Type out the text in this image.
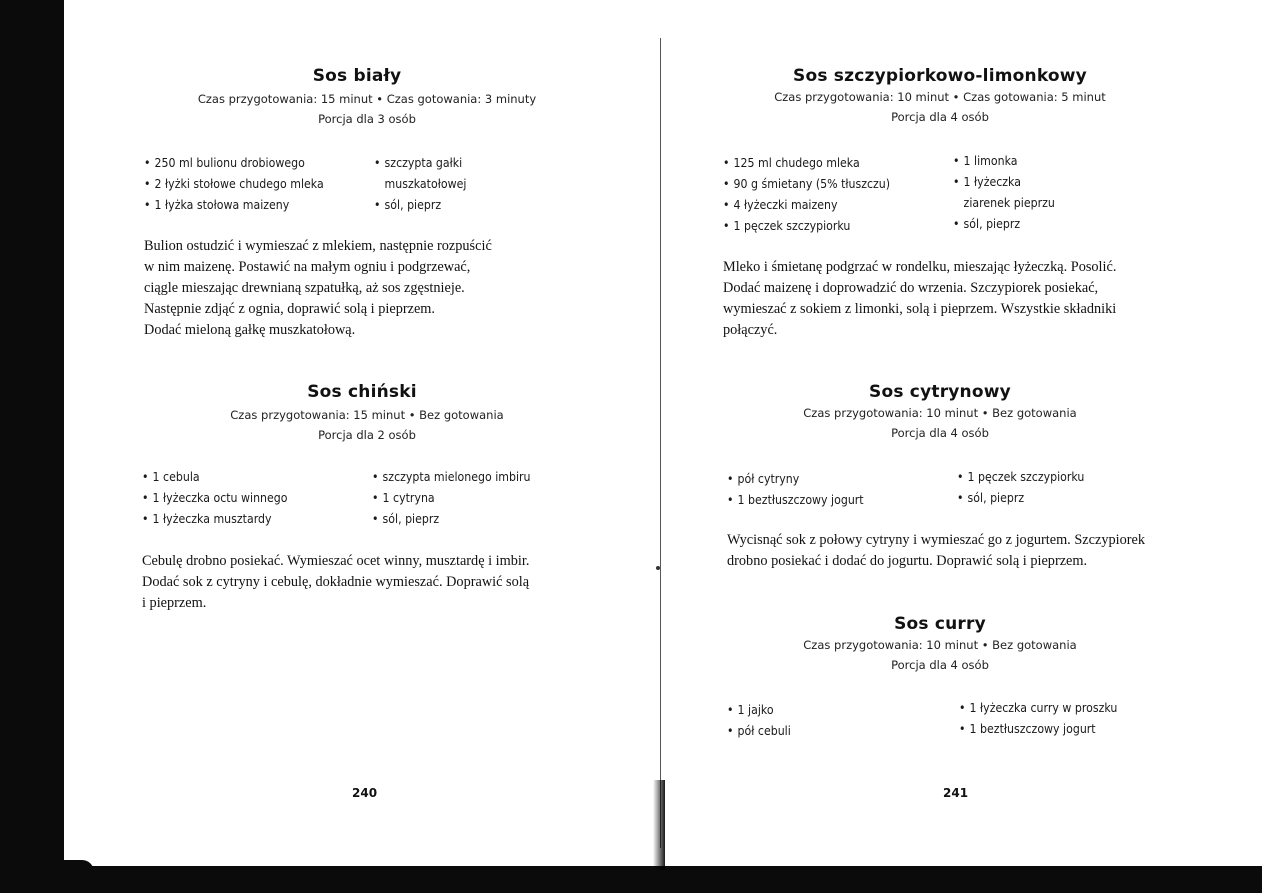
Sos biały
Czas przygotowania: 15 minut • Czas gotowania: 3 minuty
Porcja dla 3 osób
• 250 ml bulionu drobiowego
• 2 łyżki stołowe chudego mleka
• 1 łyżka stołowa maizeny
• szczypta gałki
muszkatołowej
• sól, pieprz

Bulion ostudzić i wymieszać z mlekiem, następnie rozpuścić

w nim maizenę. Postawić na małym ogniu i podgrzewać,

ciągle mieszając drewnianą szpatułką, aż sos zgęstnieje.

Następnie zdjąć z ognia, doprawić solą i pieprzem.

Dodać mieloną gałkę muszkatołową.

Sos chiński
Czas przygotowania: 15 minut • Bez gotowania
Porcja dla 2 osób
• 1 cebula
• 1 łyżeczka octu winnego
• 1 łyżeczka musztardy
• szczypta mielonego imbiru
• 1 cytryna
• sól, pieprz

Cebulę drobno posiekać. Wymieszać ocet winny, musztardę i imbir.

Dodać sok z cytryny i cebulę, dokładnie wymieszać. Doprawić solą

i pieprzem.

240
Sos szczypiorkowo-limonkowy
Czas przygotowania: 10 minut • Czas gotowania: 5 minut
Porcja dla 4 osób
• 125 ml chudego mleka
• 90 g śmietany (5% tłuszczu)
• 4 łyżeczki maizeny
• 1 pęczek szczypiorku
• 1 limonka
• 1 łyżeczka
ziarenek pieprzu
• sól, pieprz

Mleko i śmietanę podgrzać w rondelku, mieszając łyżeczką. Posolić.

Dodać maizenę i doprowadzić do wrzenia. Szczypiorek posiekać,

wymieszać z sokiem z limonki, solą i pieprzem. Wszystkie składniki

połączyć.

Sos cytrynowy
Czas przygotowania: 10 minut • Bez gotowania
Porcja dla 4 osób
• pół cytryny
• 1 beztłuszczowy jogurt
• 1 pęczek szczypiorku
• sól, pieprz

Wycisnąć sok z połowy cytryny i wymieszać go z jogurtem. Szczypiorek

drobno posiekać i dodać do jogurtu. Doprawić solą i pieprzem.

Sos curry
Czas przygotowania: 10 minut • Bez gotowania
Porcja dla 4 osób
• 1 jajko
• pół cebuli
• 1 łyżeczka curry w proszku
• 1 beztłuszczowy jogurt
241
